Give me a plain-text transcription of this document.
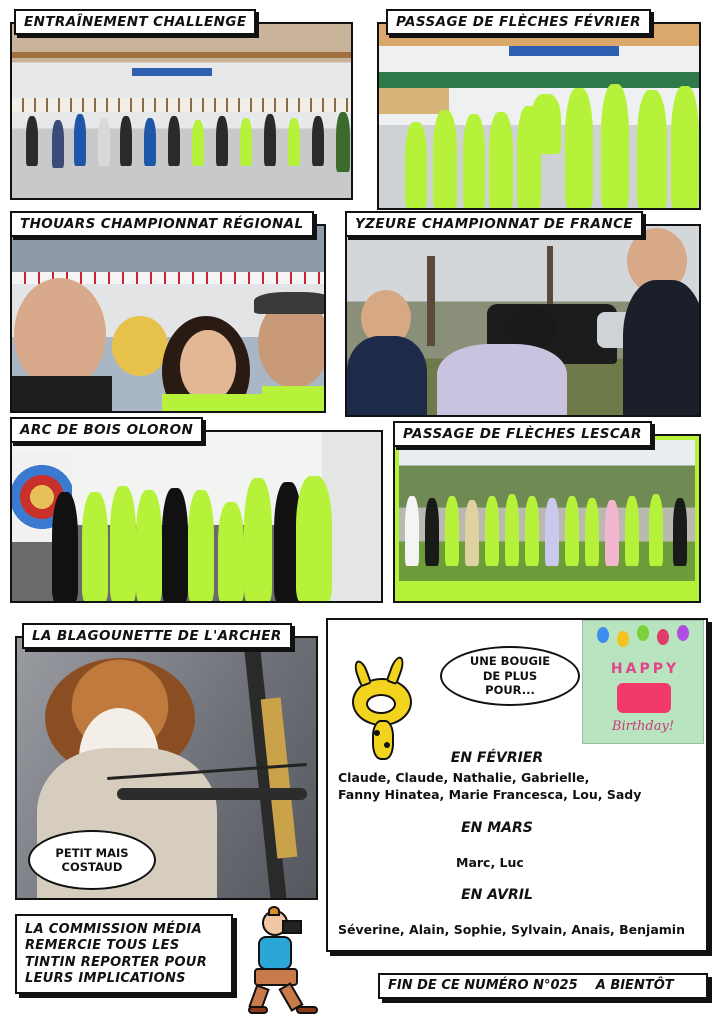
ENTRAÎNEMENT CHALLENGE	PASSAGE DE FLÈCHES FÉVRIER
THOUARS CHAMPIONNAT RÉGIONAL	YZEURE CHAMPIONNAT DE FRANCE
ARC DE BOIS OLORON	PASSAGE DE FLÈCHES LESCAR
LA BLAGOUNETTE DE L'ARCHER
PETIT MAIS COSTAUD
UNE BOUGIE DE PLUS POUR...
HAPPY
Birthday!
EN FÉVRIER
Claude, Claude, Nathalie, Gabrielle,
Fanny Hinatea, Marie Francesca, Lou, Sady
EN MARS
Marc, Luc
EN AVRIL
Séverine, Alain, Sophie, Sylvain, Anais, Benjamin
LA COMMISSION MÉDIA REMERCIE TOUS LES TINTIN REPORTER POUR LEURS IMPLICATIONS	FIN DE CE NUMÉRO N°025    A BIENTÔT
